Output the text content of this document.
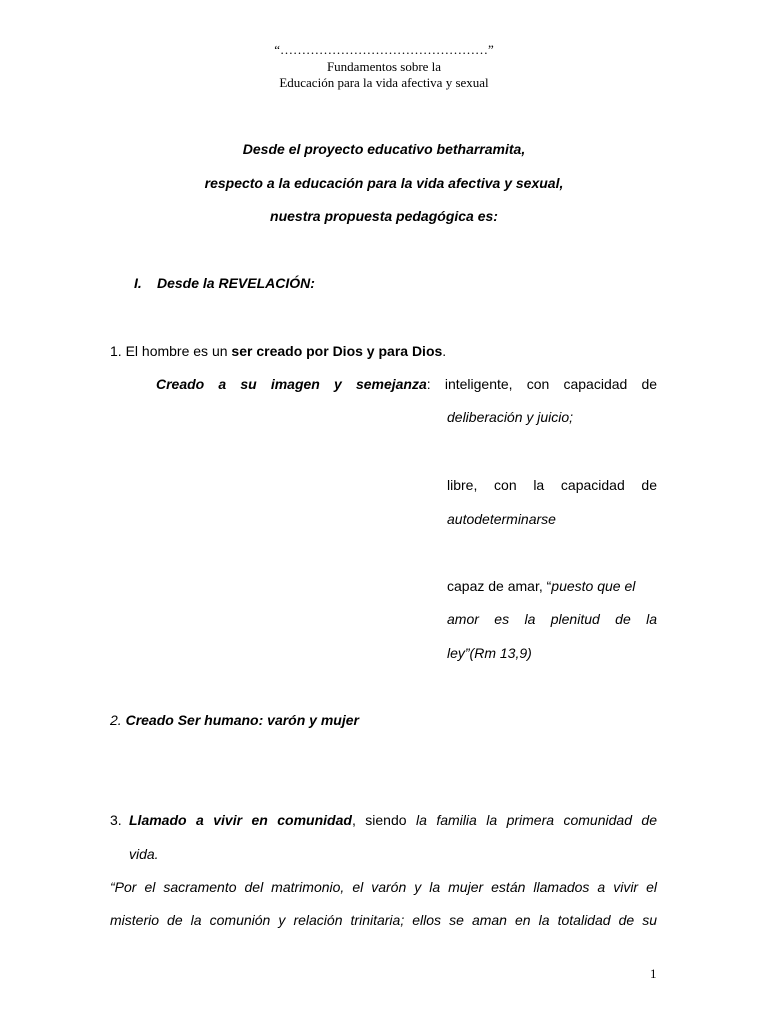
“…………………………………………”
Fundamentos sobre la
Educación para la vida afectiva y sexual
Desde el proyecto educativo betharramita,
respecto a la educación para la vida afectiva y sexual,
nuestra propuesta pedagógica es:
I. Desde la REVELACIÓN:
1. El hombre es un ser creado por Dios y para Dios.
Creado a su imagen y semejanza: inteligente, con capacidad de
deliberación y juicio;
libre, con la capacidad de
autodeterminarse
capaz de amar, “puesto que el
amor es la plenitud de la
ley”(Rm 13,9)
2. Creado Ser humano: varón y mujer
3. Llamado a vivir en comunidad, siendo la familia la primera comunidad de
vida.
“Por el sacramento del matrimonio, el varón y la mujer están llamados a vivir el
misterio de la comunión y relación trinitaria; ellos se aman en la totalidad de su
1
